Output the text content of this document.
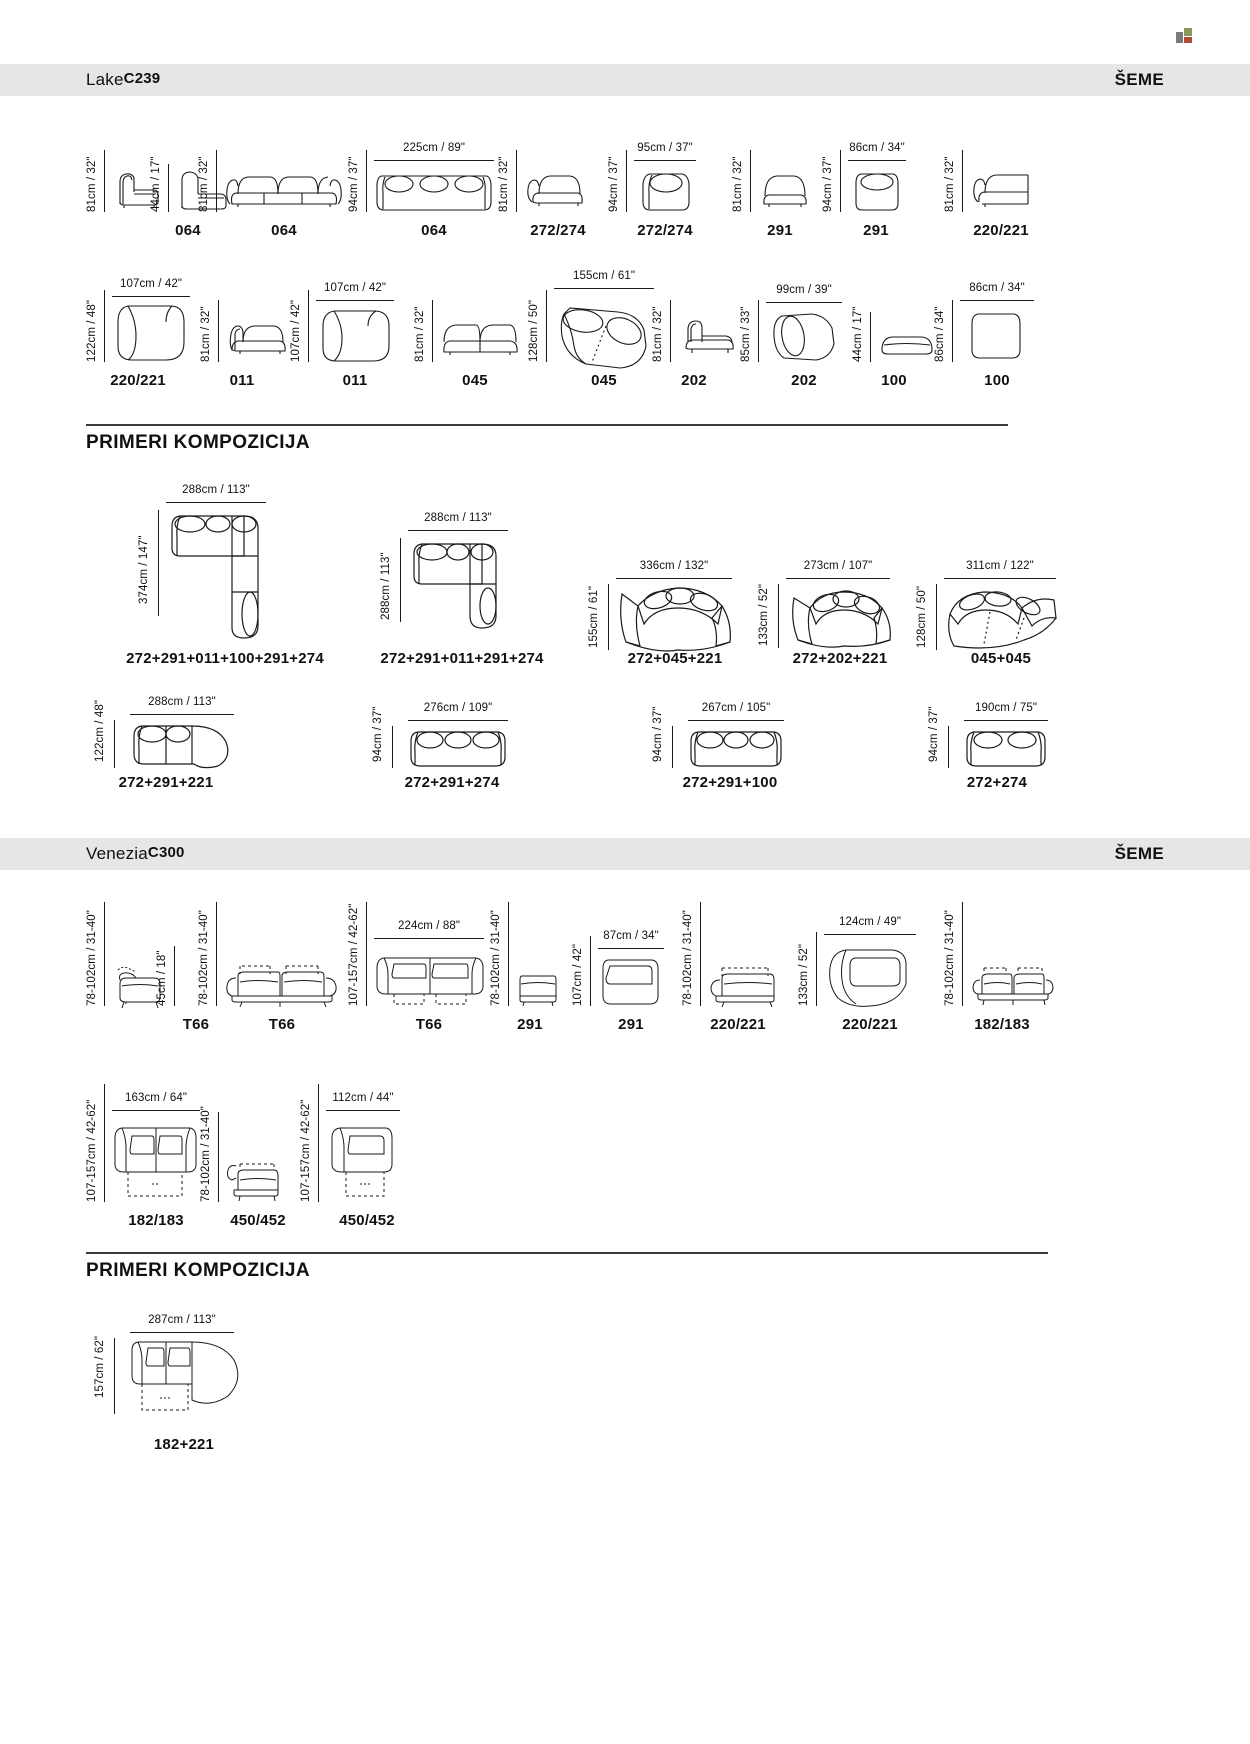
Lake C239	ŠEME
81cm / 32"	44cm / 17"
064
81cm / 32"
064
94cm / 37"
225cm / 89"
064
81cm / 32"
272/274
94cm / 37"
95cm / 37"
272/274
81cm / 32"
291
94cm / 37"
86cm / 34"
291
81cm / 32"
220/221
122cm / 48"
107cm / 42"
220/221
81cm / 32"
011
107cm / 42"
107cm / 42"
011
81cm / 32"
045
128cm / 50"
155cm / 61"
045
81cm / 32"
202
85cm / 33"
99cm / 39"
202
44cm / 17"
100
86cm / 34"
86cm / 34"
100
PRIMERI KOMPOZICIJA
288cm / 113"
374cm / 147"
272+291+011+100+291+274
288cm / 113"
288cm / 113"
272+291+011+291+274
336cm / 132"
155cm / 61"
272+045+221
273cm / 107"
133cm / 52"
272+202+221
311cm / 122"
128cm / 50"
045+045
288cm / 113"
122cm / 48"
272+291+221
276cm / 109"
94cm / 37"
272+291+274
267cm / 105"
94cm / 37"
272+291+100
190cm / 75"
94cm / 37"
272+274
Venezia C300	ŠEME
78-102cm / 31-40"	45cm / 18"
T66
78-102cm / 31-40"
T66
107-157cm / 42-62"	224cm / 88"
T66
78-102cm / 31-40"
291
107cm / 42"
87cm / 34"
291
78-102cm / 31-40"
220/221
133cm / 52"
124cm / 49"
220/221
78-102cm / 31-40"
182/183
107-157cm / 42-62"
163cm / 64"
182/183
78-102cm / 31-40"
450/452
107-157cm / 42-62"
112cm / 44"
450/452
PRIMERI KOMPOZICIJA
287cm / 113"
157cm / 62"
182+221
